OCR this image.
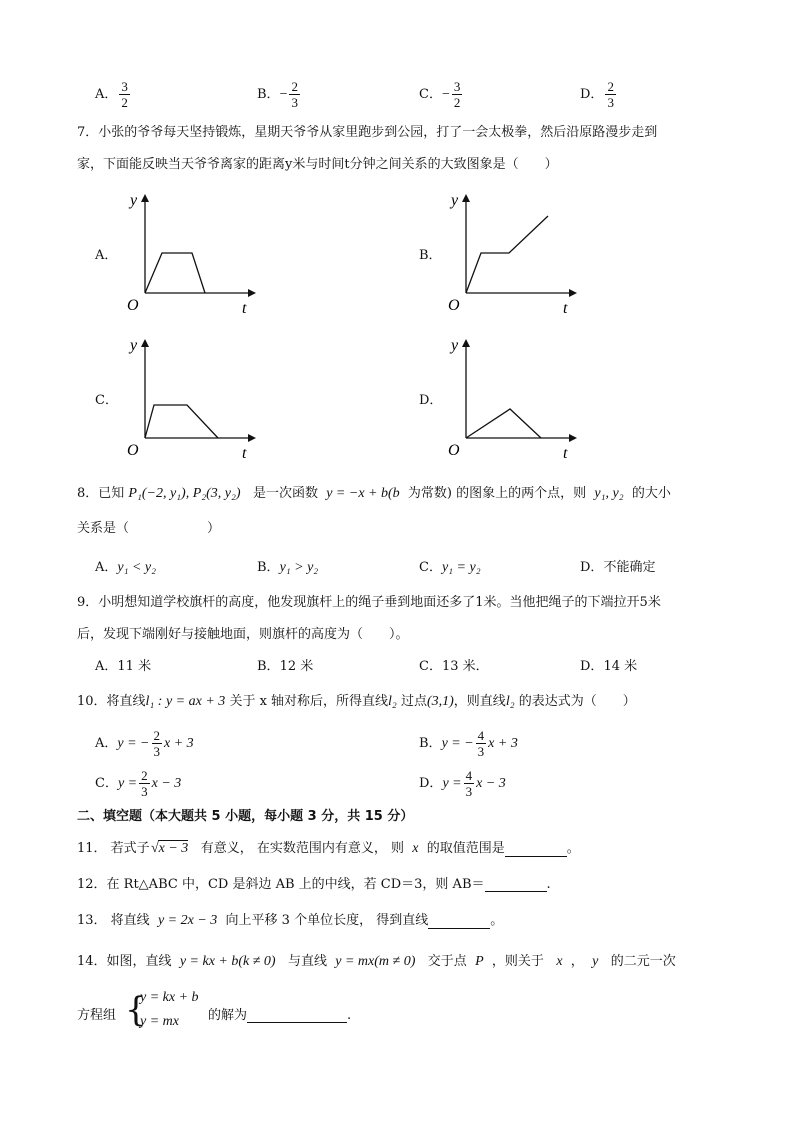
A． $\frac{3}{2}$	B．− $\frac{2}{3}$	C．− $\frac{3}{2}$	D． $\frac{2}{3}$
7．小张的爷爷每天坚持锻炼，星期天爷爷从家里跑步到公园，打了一会太极拳，然后沿原路漫步走到
家，下面能反映当天爷爷离家的距离y米与时间t分钟之间关系的大致图象是（　　）
A．
y
O	t
B．
y
O	t
C．
y
O	t
D．
y
O	t
8．已知 P₁(−2, y₁), P₂(3, y₂) 是一次函数 y = −x + b(b 为常数) 的图象上的两个点，则 y₁, y₂ 的大小
关系是（　　　　　　）
A．y₁ < y₂	B．y₁ > y₂	C．y₁ = y₂	D．不能确定
9．小明想知道学校旗杆的高度，他发现旗杆上的绳子垂到地面还多了1米。当他把绳子的下端拉开5米
后，发现下端刚好与接触地面，则旗杆的高度为（　　）。
A．11 米	B．12 米	C．13 米．	D．14 米
10．将直线l₁ : y = ax + 3 关于 x 轴对称后，所得直线l₂ 过点(3,1)，则直线l₂ 的表达式为（　　）
A．y = − $\frac{2}{3}$ x + 3	B．y = − $\frac{4}{3}$ x + 3
C．$y = \frac{2}{3}$ x − 3	D．$y = \frac{4}{3}$ x − 3
二、填空题（本大题共 5 小题，每小题 3 分，共 15 分）
11． 若式子  √x − 3 有意义， 在实数范围内有意义， 则 x 的取值范围是	。
12．在 Rt△ABC 中，CD 是斜边 AB 上的中线，若 CD＝3，则 AB＝	.
13． 将直线 y = 2x − 3 向上平移 3 个单位长度， 得到直线	。
14．如图，直线 y = kx + b(k ≠ 0) 与直线 y = mx(m ≠ 0) 交于点 P ，则关于 x ， y 的二元一次
方程组 {
y = kx + b
y = mx 的解为	.
